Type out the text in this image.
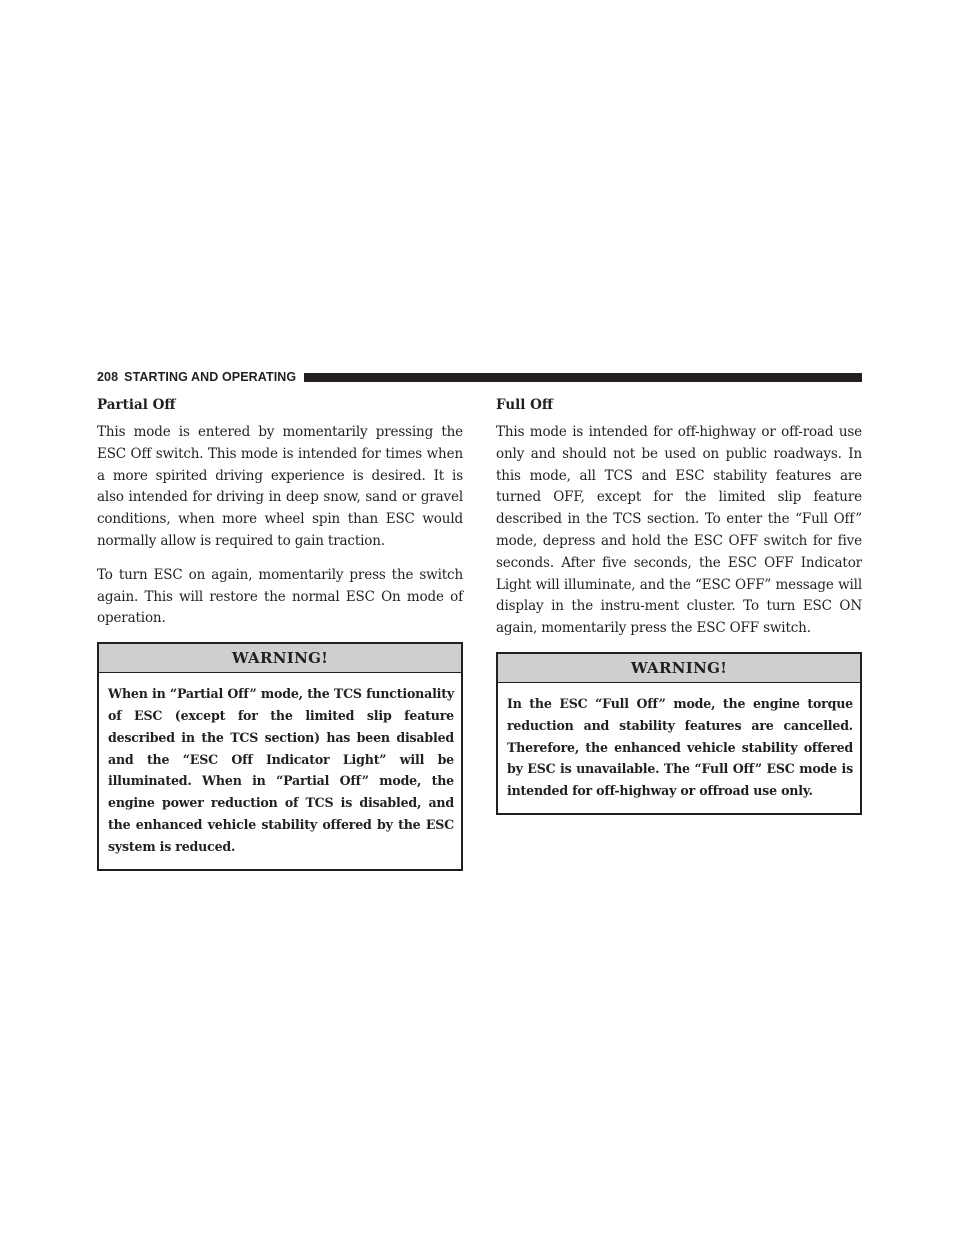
208 STARTING AND OPERATING

Partial Off

This mode is entered by momentarily pressing the ESC Off switch. This mode is intended for times when a more spirited driving experience is desired. It is also intended for driving in deep snow, sand or gravel conditions, when more wheel spin than ESC would normally allow is required to gain traction.

To turn ESC on again, momentarily press the switch again. This will restore the normal ESC On mode of operation.

WARNING!

When in “Partial Off” mode, the TCS functionality of ESC (except for the limited slip feature described in the TCS section) has been disabled and the “ESC Off Indicator Light” will be illuminated. When in “Partial Off” mode, the engine power reduction of TCS is disabled, and the enhanced vehicle stability offered by the ESC system is reduced.

Full Off

This mode is intended for off-highway or off-road use only and should not be used on public roadways. In this mode, all TCS and ESC stability features are turned OFF, except for the limited slip feature described in the TCS section. To enter the “Full Off” mode, depress and hold the ESC OFF switch for five seconds. After five seconds, the ESC OFF Indicator Light will illuminate, and the “ESC OFF” message will display in the instru-ment cluster. To turn ESC ON again, momentarily press the ESC OFF switch.

WARNING!

In the ESC “Full Off” mode, the engine torque reduction and stability features are cancelled. Therefore, the enhanced vehicle stability offered by ESC is unavailable. The “Full Off” ESC mode is intended for off-highway or offroad use only.
